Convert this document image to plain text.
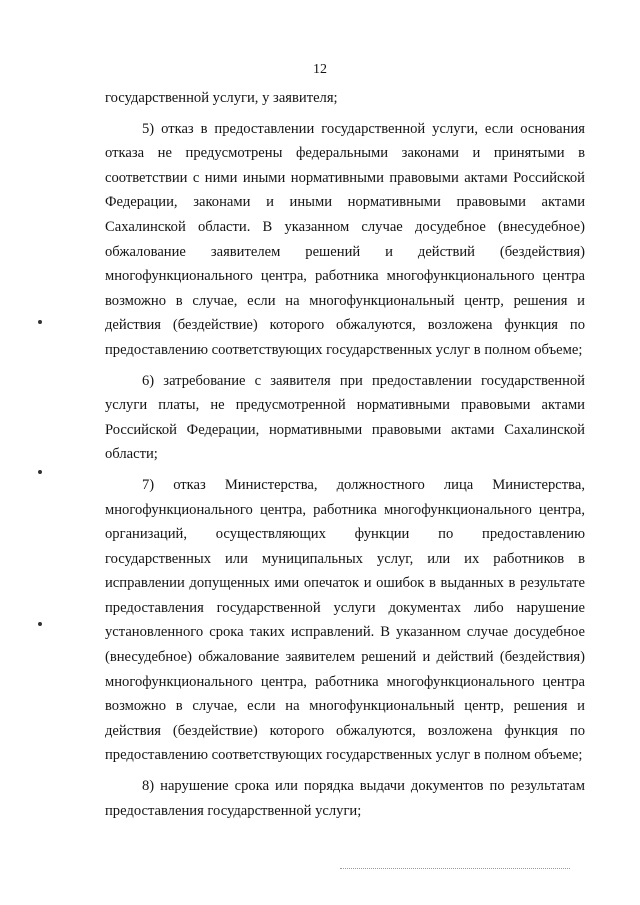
12

государственной услуги, у заявителя;

5) отказ в предоставлении государственной услуги, если основания отказа не предусмотрены федеральными законами и принятыми в соответствии с ними иными нормативными правовыми актами Российской Федерации, законами и иными нормативными правовыми актами Сахалинской области. В указанном случае досудебное (внесудебное) обжалование заявителем решений и действий (бездействия) многофункционального центра, работника многофункционального центра возможно в случае, если на многофункциональный центр, решения и действия (бездействие) которого обжалуются, возложена функция по предоставлению соответствующих государственных услуг в полном объеме;

6) затребование с заявителя при предоставлении государственной услуги платы, не предусмотренной нормативными правовыми актами Российской Федерации, нормативными правовыми актами Сахалинской области;

7) отказ Министерства, должностного лица Министерства, многофункционального центра, работника многофункционального центра, организаций, осуществляющих функции по предоставлению государственных или муниципальных услуг, или их работников в исправлении допущенных ими опечаток и ошибок в выданных в результате предоставления государственной услуги документах либо нарушение установленного срока таких исправлений. В указанном случае досудебное (внесудебное) обжалование заявителем решений и действий (бездействия) многофункционального центра, работника многофункционального центра возможно в случае, если на многофункциональный центр, решения и действия (бездействие) которого обжалуются, возложена функция по предоставлению соответствующих государственных услуг в полном объеме;

8) нарушение срока или порядка выдачи документов по результатам предоставления государственной услуги;
